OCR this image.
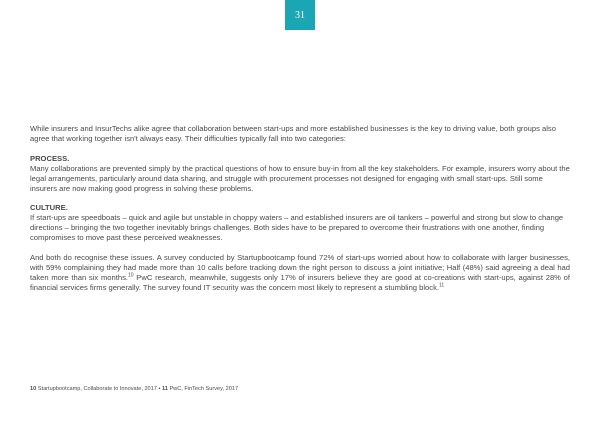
31

While insurers and InsurTechs alike agree that collaboration between start-ups and more established businesses is the key to driving value, both groups also agree that working together isn't always easy. Their difficulties typically fall into two categories:

PROCESS.
Many collaborations are prevented simply by the practical questions of how to ensure buy-in from all the key stakeholders. For example, insurers worry about the legal arrangements, particularly around data sharing, and struggle with procurement processes not designed for engaging with small start-ups. Still some insurers are now making good progress in solving these problems.

CULTURE.
If start-ups are speedboats – quick and agile but unstable in choppy waters – and established insurers are oil tankers – powerful and strong but slow to change directions – bringing the two together inevitably brings challenges. Both sides have to be prepared to overcome their frustrations with one another, finding compromises to move past these perceived weaknesses.

And both do recognise these issues. A survey conducted by Startupbootcamp found 72% of start-ups worried about how to collaborate with larger businesses, with 59% complaining they had made more than 10 calls before tracking down the right person to discuss a joint initiative; Half (48%) said agreeing a deal had taken more than six months.$^{10}$ PwC research, meanwhile, suggests only 17% of insurers believe they are good at co-creations with start-ups, against 28% of financial services firms generally. The survey found IT security was the concern most likely to represent a stumbling block.$^{11}$

10 Startupbootcamp, Collaborate to Innovate, 2017 • 11 PwC, FinTech Survey, 2017
